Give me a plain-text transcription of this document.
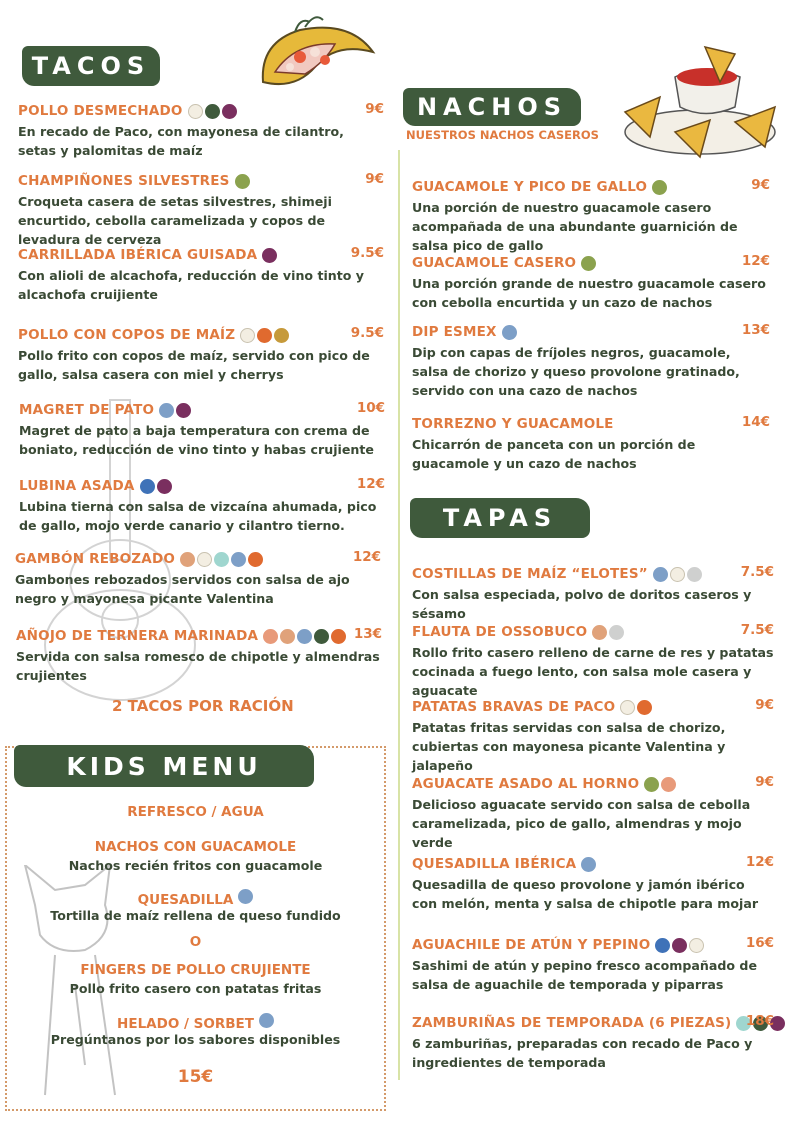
TACOS
NACHOS
NUESTROS NACHOS CASEROS
TAPAS
POLLO DESMECHADO	9€
En recado de Paco, con mayonesa de cilantro, setas y palomitas de maíz
CHAMPIÑONES SILVESTRES	9€
Croqueta casera de setas silvestres, shimeji encurtido, cebolla caramelizada y copos de levadura de cerveza
CARRILLADA IBÉRICA GUISADA	9.5€
Con alioli de alcachofa, reducción de vino tinto y alcachofa cruijiente
POLLO CON COPOS DE MAÍZ	9.5€
Pollo frito con copos de maíz, servido con pico de gallo, salsa casera con miel y cherrys
MAGRET DE PATO	10€
Magret de pato a baja temperatura con crema de boniato, reducción de vino tinto y habas crujiente
LUBINA ASADA	12€
Lubina tierna con salsa de vizcaína ahumada, pico de gallo, mojo verde canario y cilantro tierno.
GAMBÓN REBOZADO	12€
Gambones rebozados servidos con salsa de ajo negro y mayonesa picante Valentina
AÑOJO DE TERNERA MARINADA	13€
Servida con salsa romesco de chipotle y almendras crujientes
GUACAMOLE Y PICO DE GALLO	9€
Una porción de nuestro guacamole casero acompañada de una abundante guarnición de salsa pico de gallo
GUACAMOLE CASERO	12€
Una porción grande de nuestro guacamole casero con cebolla encurtida y un cazo de nachos
DIP ESMEX	13€
Dip con capas de fríjoles negros, guacamole, salsa de chorizo y queso provolone gratinado, servido con una cazo de nachos
TORREZNO Y GUACAMOLE	14€
Chicarrón de panceta con un porción de guacamole y un cazo de nachos
COSTILLAS DE MAÍZ “ELOTES”	7.5€
Con salsa especiada, polvo de doritos caseros y sésamo
FLAUTA DE OSSOBUCO	7.5€
Rollo frito casero relleno de carne de res y patatas cocinada a fuego lento, con salsa mole casera y aguacate
PATATAS BRAVAS DE PACO	9€
Patatas fritas servidas con salsa de chorizo, cubiertas con mayonesa picante Valentina y jalapeño
AGUACATE ASADO AL HORNO	9€
Delicioso aguacate servido con salsa de cebolla caramelizada, pico de gallo, almendras y mojo verde
QUESADILLA IBÉRICA	12€
Quesadilla de queso provolone y jamón ibérico con melón, menta y salsa de chipotle para mojar
AGUACHILE DE ATÚN Y PEPINO	16€
Sashimi de atún y pepino fresco acompañado de salsa de aguachile de temporada y piparras
ZAMBURIÑAS DE TEMPORADA (6 PIEZAS) 18€
6 zamburiñas, preparadas con recado de Paco y ingredientes de temporada
2 TACOS POR RACIÓN
KIDS MENU
REFRESCO / AGUA
NACHOS CON GUACAMOLE
Nachos recién fritos con guacamole
QUESADILLA
Tortilla de maíz rellena de queso fundido
O
FINGERS DE POLLO CRUJIENTE
Pollo frito casero con patatas fritas
HELADO / SORBET
Pregúntanos por los sabores disponibles
15€
